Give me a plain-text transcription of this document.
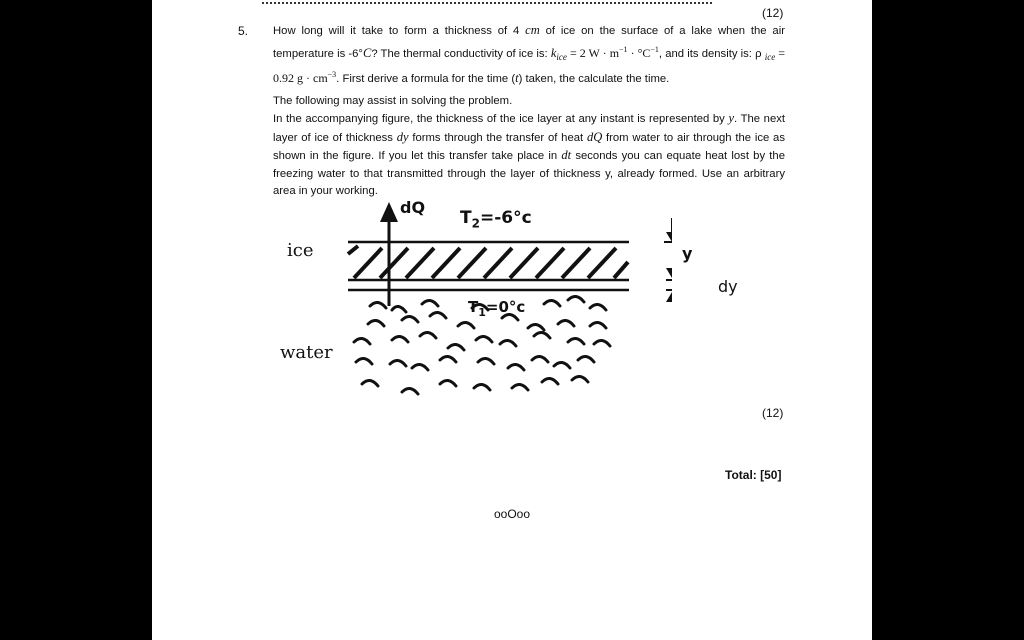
(12)
5. How long will it take to form a thickness of 4 cm of ice on the surface of a lake when the air temperature is -6°C? The thermal conductivity of ice is: $k_{ice} = 2$ $W \cdot m^{-1} \cdot ^\circ C^{-1}$, and its density is: ρ $_{ice}$ = 0.92 $g \cdot cm^{-3}$. First derive a formula for the time (t) taken, the calculate the time.
The following may assist in solving the problem.
In the accompanying figure, the thickness of the ice layer at any instant is represented by y. The next layer of ice of thickness dy forms through the transfer of heat dQ from water to air through the ice as shown in the figure. If you let this transfer take place in dt seconds you can equate heat lost by the freezing water to that transmitted through the layer of thickness y, already formed. Use an arbitrary area in your working.
ice
water
dQ
$T_2=-6^\circ c$
$T_1=0^\circ c$
y
dy
(12)
Total: [50]
ooOoo
